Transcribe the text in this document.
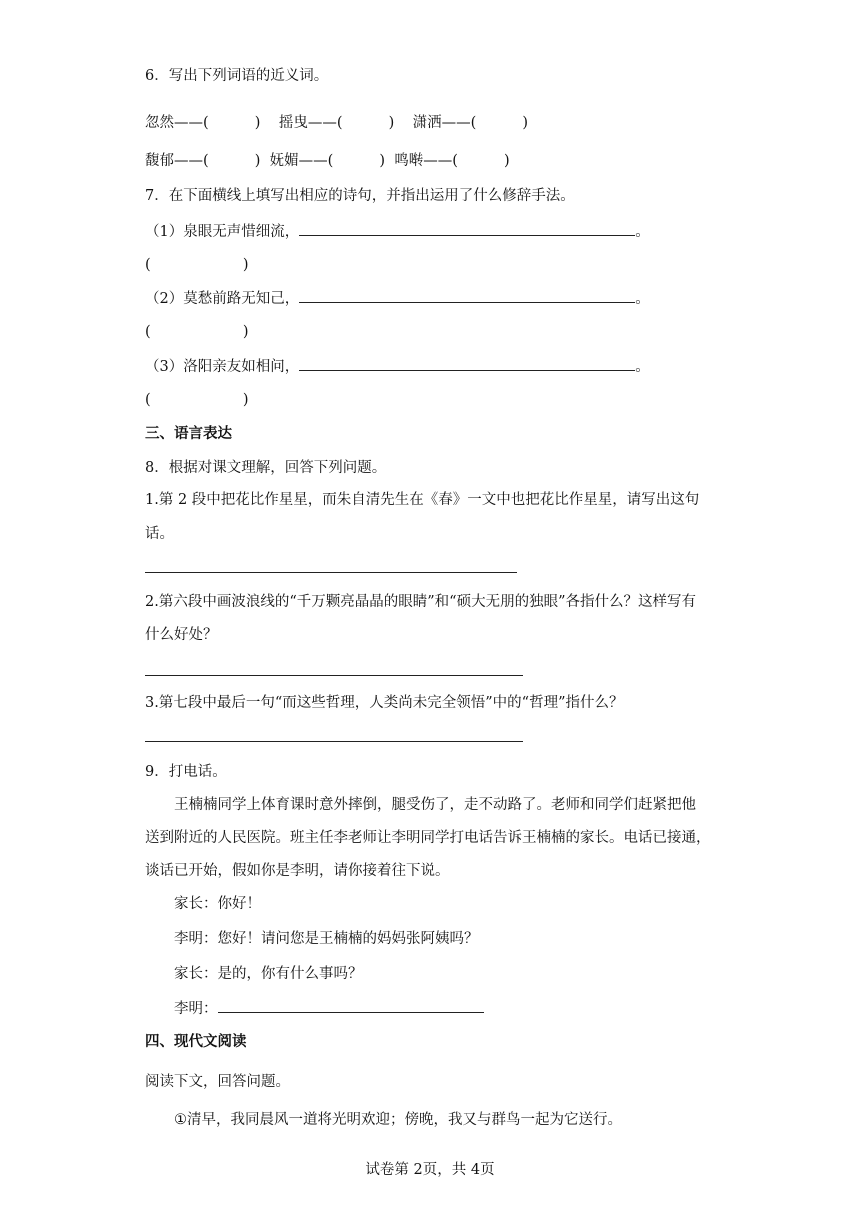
6．写出下列词语的近义词。
忽然——(          )    摇曳——(          )    潇洒——(          )
馥郁——(          )  妩媚——(          )  鸣啭——(          )
7．在下面横线上填写出相应的诗句，并指出运用了什么修辞手法。
（1）泉眼无声惜细流，	。
(                    )
（2）莫愁前路无知己，	。
(                    )
（3）洛阳亲友如相问，	。
(                    )
三、语言表达
8．根据对课文理解，回答下列问题。
1.第 2 段中把花比作星星，而朱自清先生在《春》一文中也把花比作星星，请写出这句
话。
2.第六段中画波浪线的“千万颗亮晶晶的眼睛”和“硕大无朋的独眼”各指什么？这样写有
什么好处？
3.第七段中最后一句“而这些哲理，人类尚未完全领悟”中的“哲理”指什么？
9．打电话。
王楠楠同学上体育课时意外摔倒，腿受伤了，走不动路了。老师和同学们赶紧把他
送到附近的人民医院。班主任李老师让李明同学打电话告诉王楠楠的家长。电话已接通，
谈话已开始，假如你是李明，请你接着往下说。
家长：你好！
李明：您好！请问您是王楠楠的妈妈张阿姨吗？
家长：是的，你有什么事吗？
李明：
四、现代文阅读
阅读下文，回答问题。
①清早，我同晨风一道将光明欢迎；傍晚，我又与群鸟一起为它送行。
试卷第 2页，共 4页
